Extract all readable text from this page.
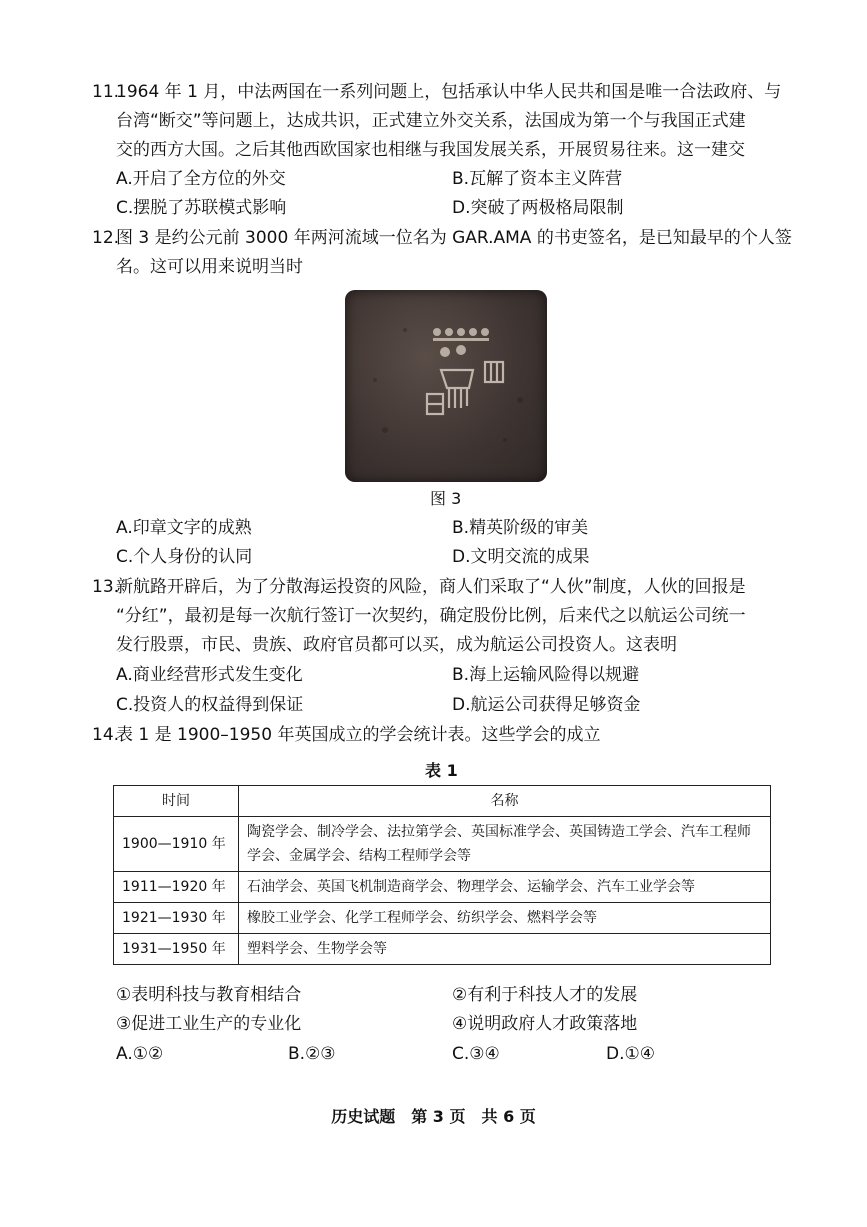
11.
1964 年 1 月，中法两国在一系列问题上，包括承认中华人民共和国是唯一合法政府、与
台湾“断交”等问题上，达成共识，正式建立外交关系，法国成为第一个与我国正式建
交的西方大国。之后其他西欧国家也相继与我国发展关系，开展贸易往来。这一建交
A.开启了全方位的外交	B.瓦解了资本主义阵营
C.摆脱了苏联模式影响	D.突破了两极格局限制
12.
图 3 是约公元前 3000 年两河流域一位名为 GAR.AMA 的书吏签名，是已知最早的个人签
名。这可以用来说明当时
图 3
A.印章文字的成熟	B.精英阶级的审美
C.个人身份的认同	D.文明交流的成果
13.
新航路开辟后，为了分散海运投资的风险，商人们采取了“人伙”制度，人伙的回报是
“分红”，最初是每一次航行签订一次契约，确定股份比例，后来代之以航运公司统一
发行股票，市民、贵族、政府官员都可以买，成为航运公司投资人。这表明
A.商业经营形式发生变化	B.海上运输风险得以规避
C.投资人的权益得到保证	D.航运公司获得足够资金
14.
表 1 是 1900–1950 年英国成立的学会统计表。这些学会的成立
表 1
时间	名称
1900—1910 年	陶瓷学会、制冷学会、法拉第学会、英国标准学会、英国铸造工学会、汽车工程师学会、金属学会、结构工程师学会等
1911—1920 年	石油学会、英国飞机制造商学会、物理学会、运输学会、汽车工业学会等
1921—1930 年	橡胶工业学会、化学工程师学会、纺织学会、燃料学会等
1931—1950 年	塑料学会、生物学会等
①表明科技与教育相结合	②有利于科技人才的发展
③促进工业生产的专业化	④说明政府人才政策落地
A.①②	B.②③	C.③④	D.①④
历史试题　第 3 页　共 6 页
